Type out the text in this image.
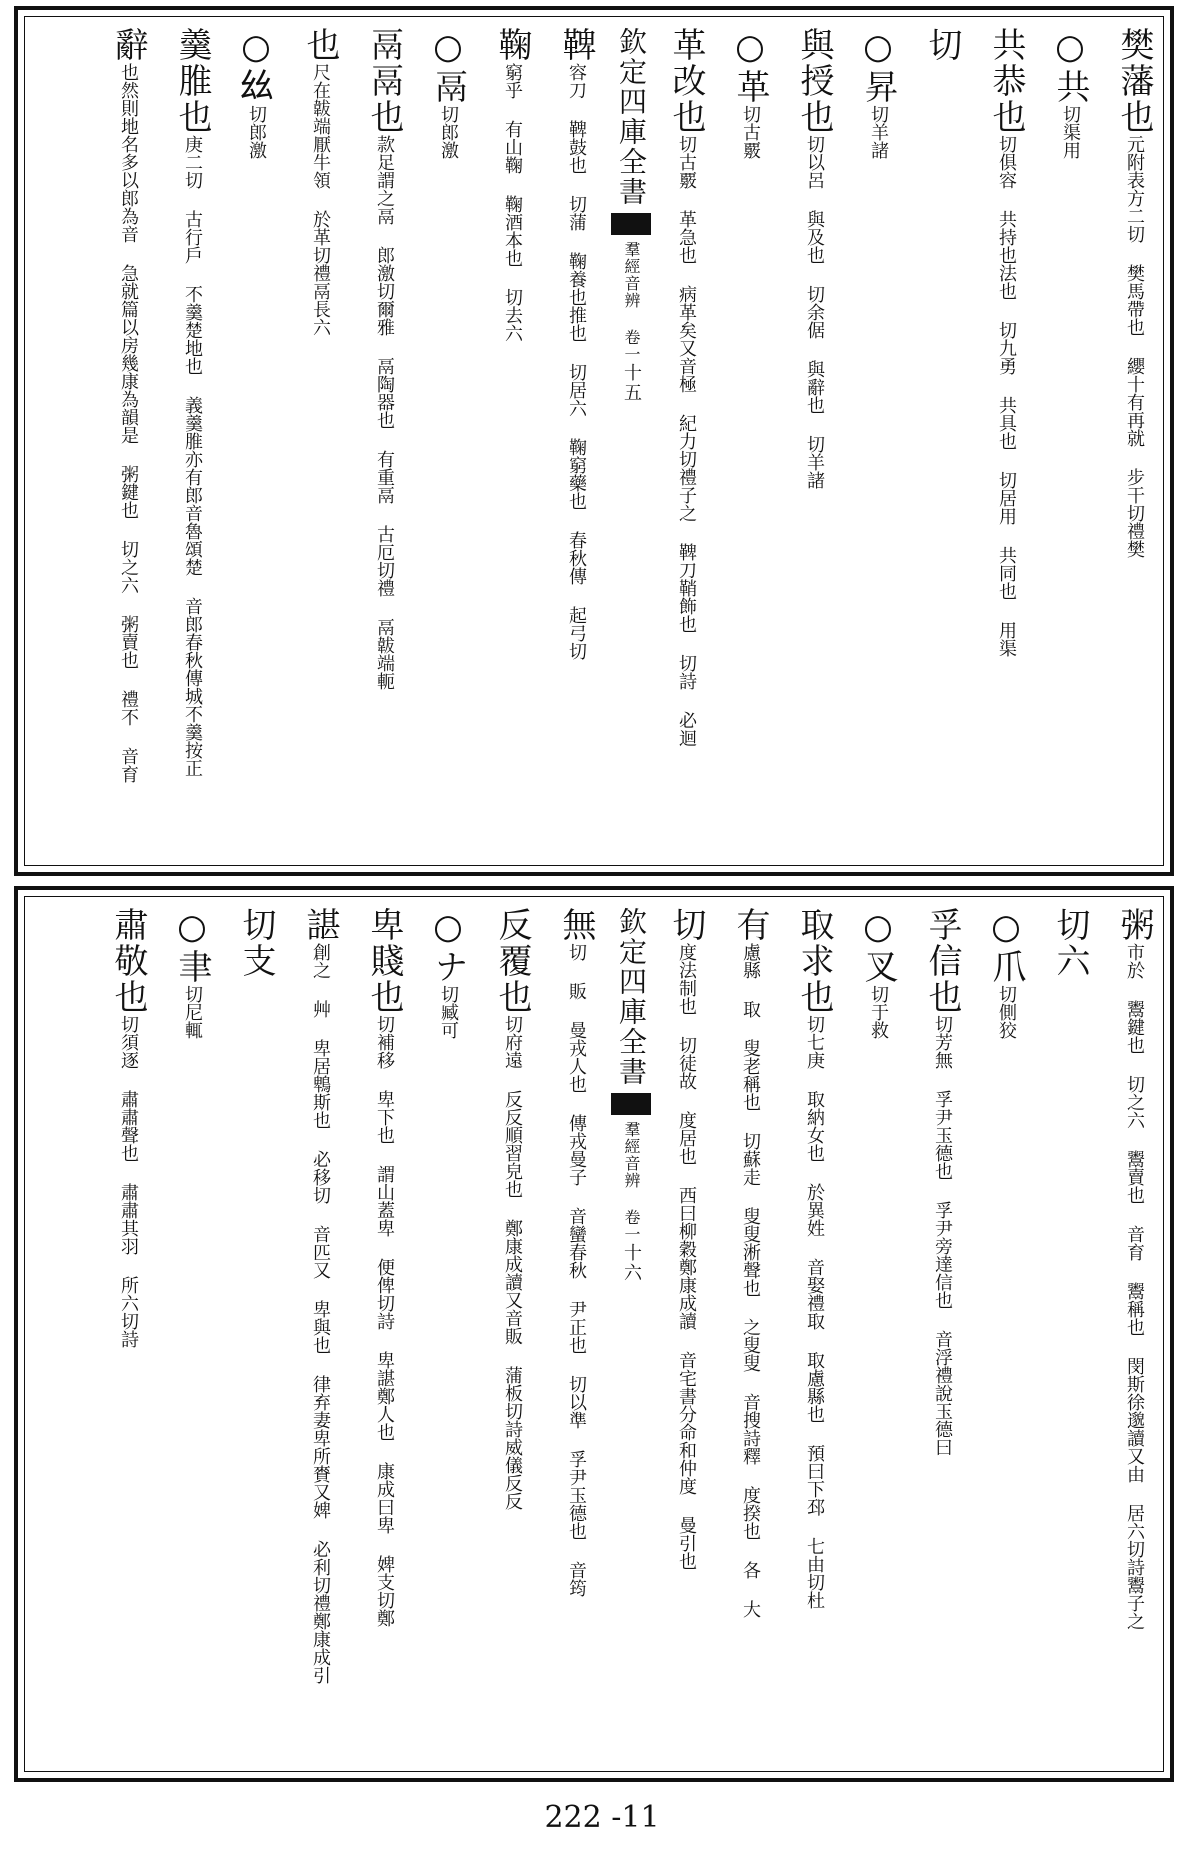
樊藩也元附表方二切 樊馬帶也 纓十有再就 步干切禮樊
○共切渠用
共恭也切俱容 共持也法也 切九勇 共具也 切居用 共同也 用渠
切
○昇切羊諸
與授也切以呂 與及也 切余倨 與辭也 切羊諸
○革切古覈
革改也切古覈 革急也 病革矣又音極 紀力切禮子之 鞞刀鞘飾也 切詩 必迴
欽定四庫全書羣經音辨 卷一十五
鞞容刀 鞞鼓也 切蒲 鞠養也推也 切居六 鞠窮藥也 春秋傳 起弓切
鞠窮乎 有山鞠 鞠酒本也 切去六
○鬲切郎激
鬲鬲也款足謂之鬲 郎激切爾雅 鬲陶器也 有重鬲 古厄切禮 鬲韍端軛
也尺在韍端厭牛領 於革切禮鬲長六
○𢆶切郎激
羹脽也庚二切 古行戶 不羹楚地也 義羹脽亦有郎音魯頌楚 音郎春秋傳城不羹按正
辭也然則地名多以郎為音 急就篇以房幾康為韻是 粥鍵也 切之六 粥賣也 禮不 音育
粥市於 鬻鍵也 切之六 鬻賣也 音育 鬻稱也 閔斯徐邈讀又由 居六切詩鬻子之
切六
○爪切側狡
孚信也切芳無 孚尹玉德也 孚尹旁達信也 音浮禮說玉德曰
○叉切于救
取求也切七庚 取納女也 於異姓 音娶禮取 取慮縣也 預曰下邳 七由切杜
有慮縣 取 叟老稱也 切蘇走 叟叟淅聲也 之叟叟 音搜詩釋 度揆也 各 大
切度法制也 切徒故 度居也 西曰柳穀鄭康成讀 音宅書分命和仲度 曼引也
欽定四庫全書羣經音辨 卷一十六
無切 販 曼戎人也 傳戎曼子 音蠻春秋 尹正也 切以準 孚尹玉德也 音筠
反覆也切府遠 反反順習皃也 鄭康成讀又音販 蒲板切詩威儀反反
○ナ切臧可
卑賤也切補移 卑下也 謂山蓋卑 便俾切詩 卑諶鄭人也 康成曰卑 婢支切鄭
諶創之 艸 卑居鵯斯也 必移切 音匹又 卑與也 律弃妻卑所賚又婢 必利切禮鄭康成引
切支
○聿切尼輒
肅敬也切須逐 肅肅聲也 肅肅其羽 所六切詩
222 -11
